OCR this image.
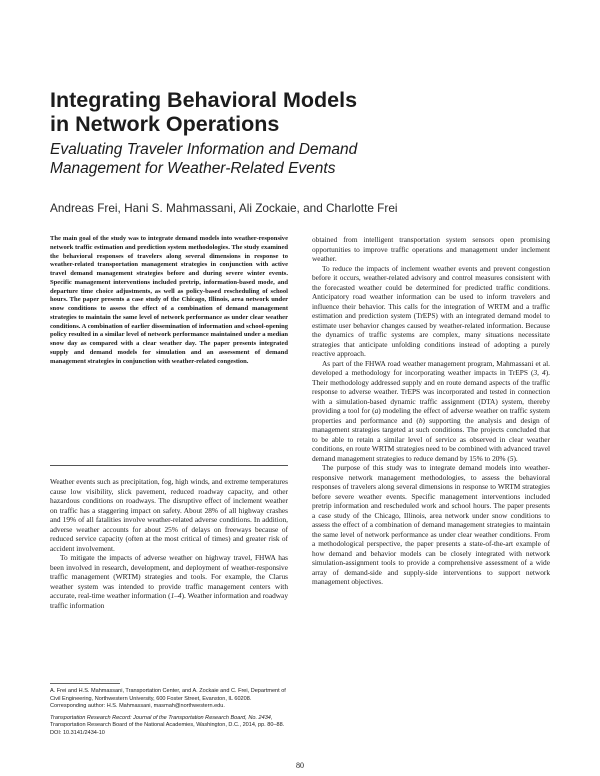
Integrating Behavioral Models
in Network Operations
Evaluating Traveler Information and Demand
Management for Weather-Related Events
Andreas Frei, Hani S. Mahmassani, Ali Zockaie, and Charlotte Frei

The main goal of the study was to integrate demand models into weather-responsive network traffic estimation and prediction system methodologies. The study examined the behavioral responses of travelers along several dimensions in response to weather-related transportation management strategies in conjunction with active travel demand management strategies before and during severe winter events. Specific management interventions included pretrip, information-based mode, and departure time choice adjustments, as well as policy-based rescheduling of school hours. The paper presents a case study of the Chicago, Illinois, area network under snow conditions to assess the effect of a combination of demand management strategies to maintain the same level of network performance as under clear weather conditions. A combination of earlier dissemination of information and school-opening policy resulted in a similar level of network performance maintained under a median snow day as compared with a clear weather day. The paper presents integrated supply and demand models for simulation and an assessment of demand management strategies in conjunction with weather-related congestion.

Weather events such as precipitation, fog, high winds, and extreme temperatures cause low visibility, slick pavement, reduced roadway capacity, and other hazardous conditions on roadways. The disruptive effect of inclement weather on traffic has a staggering impact on safety. About 28% of all highway crashes and 19% of all fatalities involve weather-related adverse conditions. In addition, adverse weather accounts for about 25% of delays on freeways because of reduced service capacity (often at the most critical of times) and greater risk of accident involvement.

To mitigate the impacts of adverse weather on highway travel, FHWA has been involved in research, development, and deployment of weather-responsive traffic management (WRTM) strategies and tools. For example, the Clarus weather system was intended to provide traffic management centers with accurate, real-time weather information (1–4). Weather information and roadway traffic information

A. Frei and H.S. Mahmassani, Transportation Center, and A. Zockaie and C. Frei, Department of Civil Engineering, Northwestern University, 600 Foster Street, Evanston, IL 60208. Corresponding author: H.S. Mahmassani, masmah@northwestern.edu.

Transportation Research Record: Journal of the Transportation Research Board, No. 2434, Transportation Research Board of the National Academies, Washington, D.C., 2014, pp. 80–88.
DOI: 10.3141/2434-10

obtained from intelligent transportation system sensors open promising opportunities to improve traffic operations and management under inclement weather.

To reduce the impacts of inclement weather events and prevent congestion before it occurs, weather-related advisory and control measures consistent with the forecasted weather could be determined for predicted traffic conditions. Anticipatory road weather information can be used to inform travelers and influence their behavior. This calls for the integration of WRTM and a traffic estimation and prediction system (TrEPS) with an integrated demand model to estimate user behavior changes caused by weather-related information. Because the dynamics of traffic systems are complex, many situations necessitate strategies that anticipate unfolding conditions instead of adopting a purely reactive approach.

As part of the FHWA road weather management program, Mahmassani et al. developed a methodology for incorporating weather impacts in TrEPS (3, 4). Their methodology addressed supply and en route demand aspects of the traffic response to adverse weather. TrEPS was incorporated and tested in connection with a simulation-based dynamic traffic assignment (DTA) system, thereby providing a tool for (a) modeling the effect of adverse weather on traffic system properties and performance and (b) supporting the analysis and design of management strategies targeted at such conditions. The projects concluded that to be able to retain a similar level of service as observed in clear weather conditions, en route WRTM strategies need to be combined with advanced travel demand management strategies to reduce demand by 15% to 20% (5).

The purpose of this study was to integrate demand models into weather-responsive network management methodologies, to assess the behavioral responses of travelers along several dimensions in response to WRTM strategies before severe weather events. Specific management interventions included pretrip information and rescheduled work and school hours. The paper presents a case study of the Chicago, Illinois, area network under snow conditions to assess the effect of a combination of demand management strategies to maintain the same level of network performance as under clear weather conditions. From a methodological perspective, the paper presents a state-of-the-art example of how demand and behavior models can be closely integrated with network simulation-assignment tools to provide a comprehensive assessment of a wide array of demand-side and supply-side interventions to support network management objectives.

80
